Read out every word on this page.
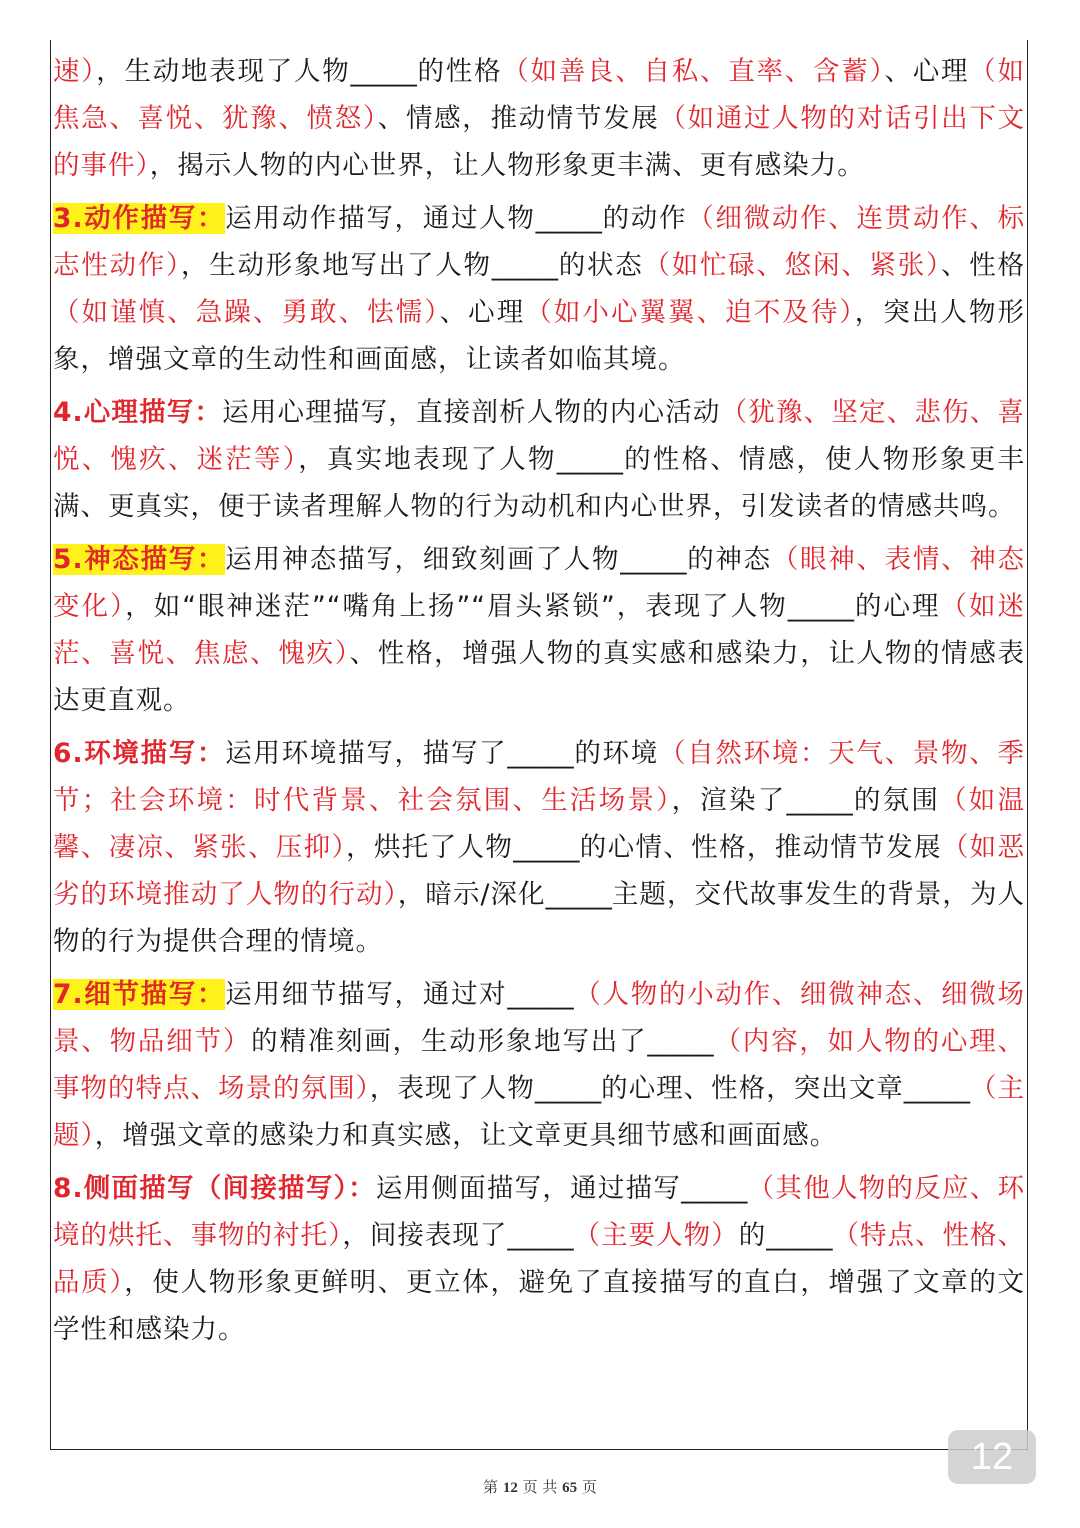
速），生动地表现了人物_____的性格（如善良、自私、直率、含蓄）、心理（如焦急、喜悦、犹豫、愤怒）、情感，推动情节发展（如通过人物的对话引出下文的事件），揭示人物的内心世界，让人物形象更丰满、更有感染力。

3.动作描写：运用动作描写，通过人物_____的动作（细微动作、连贯动作、标志性动作），生动形象地写出了人物_____的状态（如忙碌、悠闲、紧张）、性格（如谨慎、急躁、勇敢、怯懦）、心理（如小心翼翼、迫不及待），突出人物形象，增强文章的生动性和画面感，让读者如临其境。

4.心理描写：运用心理描写，直接剖析人物的内心活动（犹豫、坚定、悲伤、喜悦、愧疚、迷茫等），真实地表现了人物_____的性格、情感，使人物形象更丰满、更真实，便于读者理解人物的行为动机和内心世界，引发读者的情感共鸣。

5.神态描写：运用神态描写，细致刻画了人物_____的神态（眼神、表情、神态变化），如“眼神迷茫”“嘴角上扬”“眉头紧锁”，表现了人物_____的心理（如迷茫、喜悦、焦虑、愧疚）、性格，增强人物的真实感和感染力，让人物的情感表达更直观。

6.环境描写：运用环境描写，描写了_____的环境（自然环境：天气、景物、季节；社会环境：时代背景、社会氛围、生活场景），渲染了_____的氛围（如温馨、凄凉、紧张、压抑），烘托了人物_____的心情、性格，推动情节发展（如恶劣的环境推动了人物的行动），暗示/深化_____主题，交代故事发生的背景，为人物的行为提供合理的情境。

7.细节描写：运用细节描写，通过对_____（人物的小动作、细微神态、细微场景、物品细节）的精准刻画，生动形象地写出了_____（内容，如人物的心理、事物的特点、场景的氛围），表现了人物_____的心理、性格，突出文章_____（主题），增强文章的感染力和真实感，让文章更具细节感和画面感。

8.侧面描写（间接描写）：运用侧面描写，通过描写_____（其他人物的反应、环境的烘托、事物的衬托），间接表现了_____（主要人物）的_____（特点、性格、品质），使人物形象更鲜明、更立体，避免了直接描写的直白，增强了文章的文学性和感染力。

第 12 页 共 65 页
12
